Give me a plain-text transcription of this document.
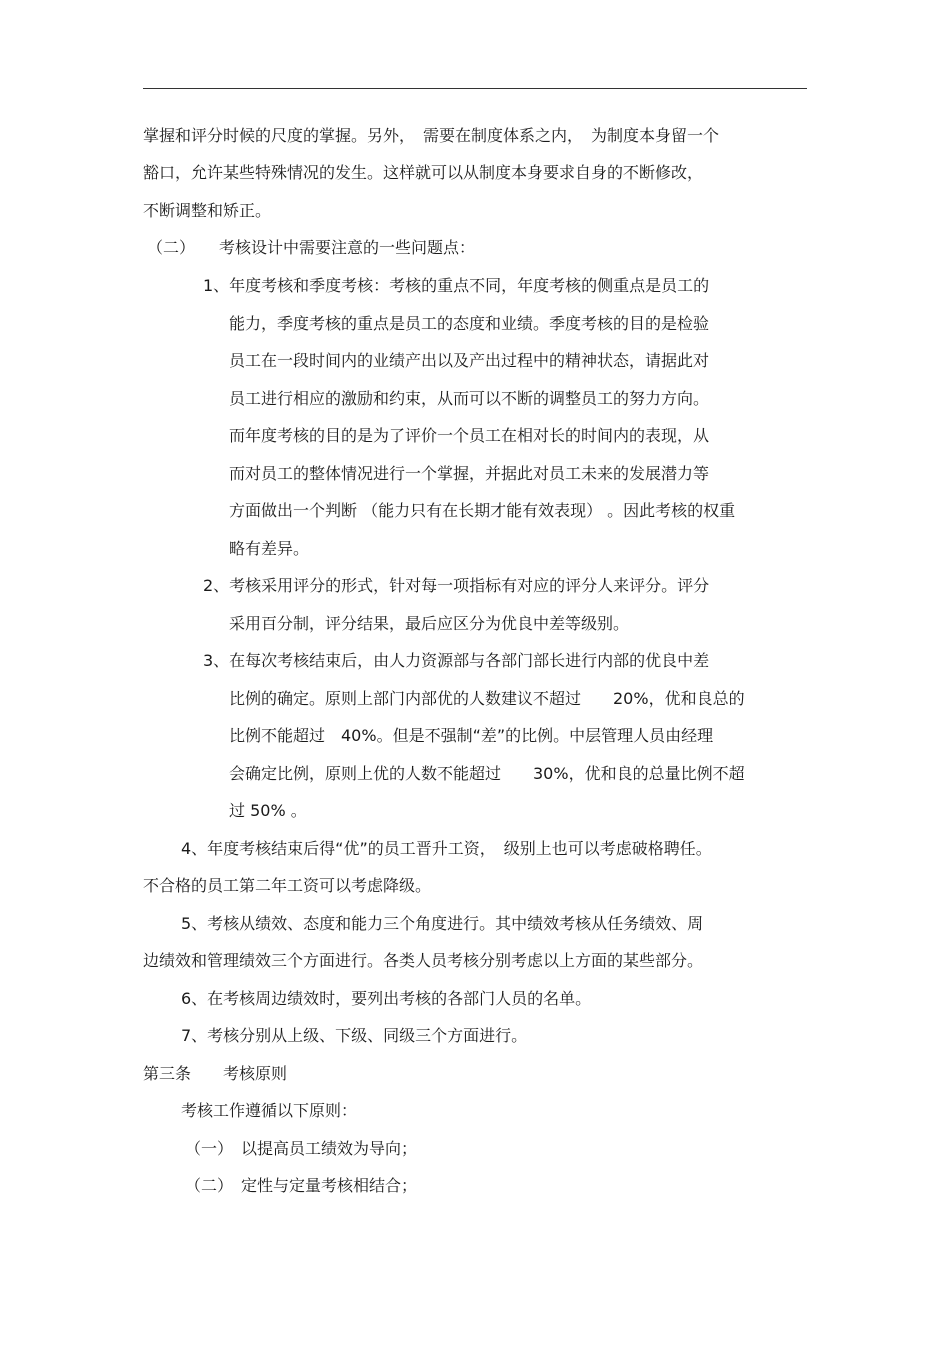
掌握和评分时候的尺度的掌握。另外，　需要在制度体系之内，　为制度本身留一个

豁口，允许某些特殊情况的发生。这样就可以从制度本身要求自身的不断修改，

不断调整和矫正。

（二）　　考核设计中需要注意的一些问题点：

1、年度考核和季度考核：考核的重点不同，年度考核的侧重点是员工的

能力，季度考核的重点是员工的态度和业绩。季度考核的目的是检验

员工在一段时间内的业绩产出以及产出过程中的精神状态，请据此对

员工进行相应的激励和约束，从而可以不断的调整员工的努力方向。

而年度考核的目的是为了评价一个员工在相对长的时间内的表现，从

而对员工的整体情况进行一个掌握，并据此对员工未来的发展潜力等

方面做出一个判断 （能力只有在长期才能有效表现） 。因此考核的权重

略有差异。

2、考核采用评分的形式，针对每一项指标有对应的评分人来评分。评分

采用百分制，评分结果，最后应区分为优良中差等级别。

3、在每次考核结束后，由人力资源部与各部门部长进行内部的优良中差

比例的确定。原则上部门内部优的人数建议不超过　　20%，优和良总的

比例不能超过　40%。但是不强制“差”的比例。中层管理人员由经理

会确定比例，原则上优的人数不能超过　　30%，优和良的总量比例不超

过 50% 。

4、年度考核结束后得“优”的员工晋升工资，　级别上也可以考虑破格聘任。

不合格的员工第二年工资可以考虑降级。

5、考核从绩效、态度和能力三个角度进行。其中绩效考核从任务绩效、周

边绩效和管理绩效三个方面进行。各类人员考核分别考虑以上方面的某些部分。

6、在考核周边绩效时，要列出考核的各部门人员的名单。

7、考核分别从上级、下级、同级三个方面进行。

第三条　　考核原则

考核工作遵循以下原则：

（一）　以提高员工绩效为导向；

（二）　定性与定量考核相结合；
